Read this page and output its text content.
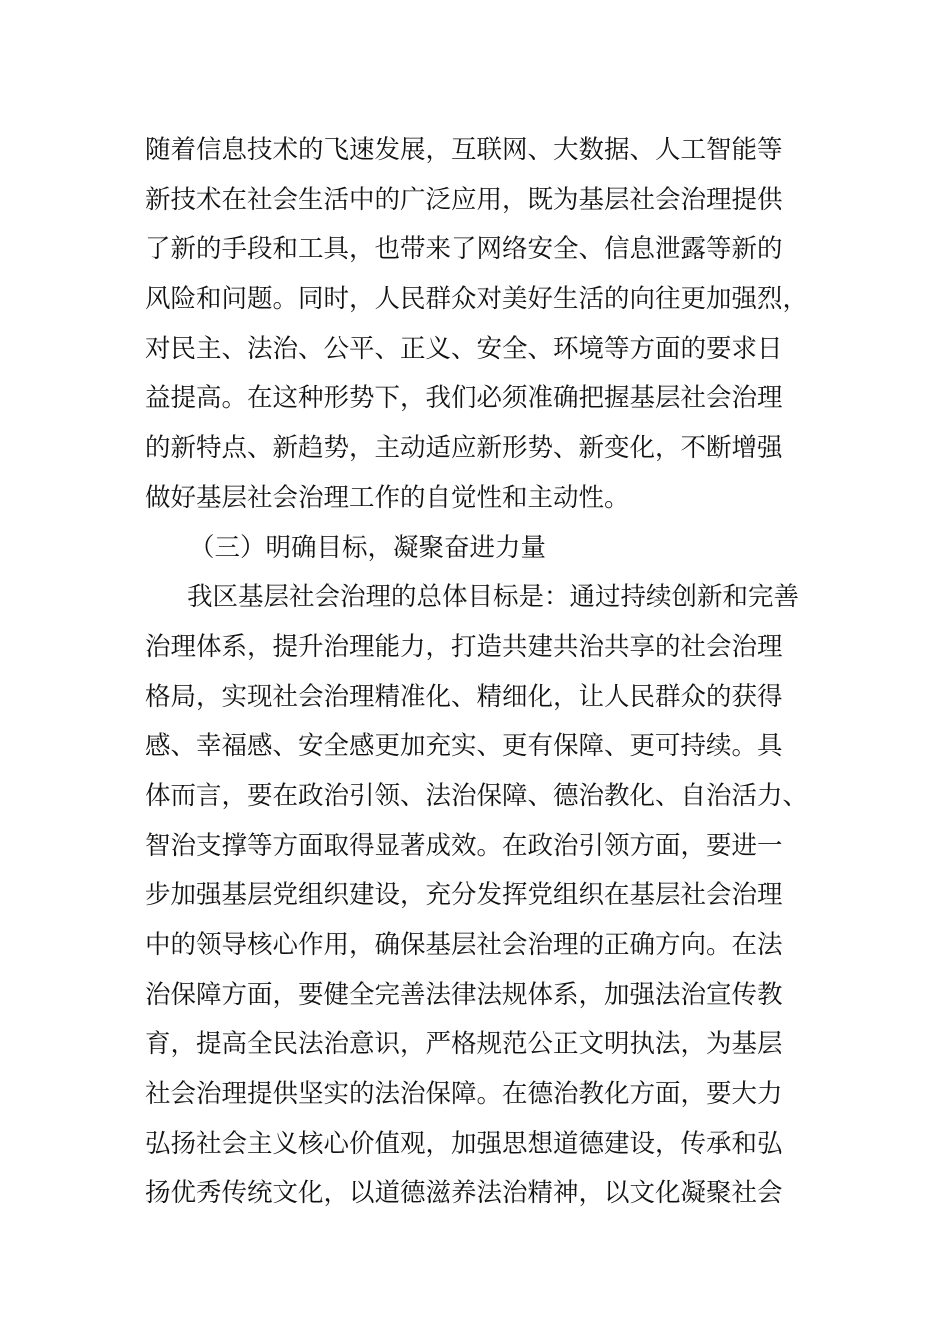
随着信息技术的飞速发展，互联网、大数据、人工智能等
新技术在社会生活中的广泛应用，既为基层社会治理提供
了新的手段和工具，也带来了网络安全、信息泄露等新的
风险和问题。同时，人民群众对美好生活的向往更加强烈，
对民主、法治、公平、正义、安全、环境等方面的要求日
益提高。在这种形势下，我们必须准确把握基层社会治理
的新特点、新趋势，主动适应新形势、新变化，不断增强
做好基层社会治理工作的自觉性和主动性。
（三）明确目标，凝聚奋进力量
我区基层社会治理的总体目标是：通过持续创新和完善
治理体系，提升治理能力，打造共建共治共享的社会治理
格局，实现社会治理精准化、精细化，让人民群众的获得
感、幸福感、安全感更加充实、更有保障、更可持续。具
体而言，要在政治引领、法治保障、德治教化、自治活力、
智治支撑等方面取得显著成效。在政治引领方面，要进一
步加强基层党组织建设，充分发挥党组织在基层社会治理
中的领导核心作用，确保基层社会治理的正确方向。在法
治保障方面，要健全完善法律法规体系，加强法治宣传教
育，提高全民法治意识，严格规范公正文明执法，为基层
社会治理提供坚实的法治保障。在德治教化方面，要大力
弘扬社会主义核心价值观，加强思想道德建设，传承和弘
扬优秀传统文化，以道德滋养法治精神，以文化凝聚社会
